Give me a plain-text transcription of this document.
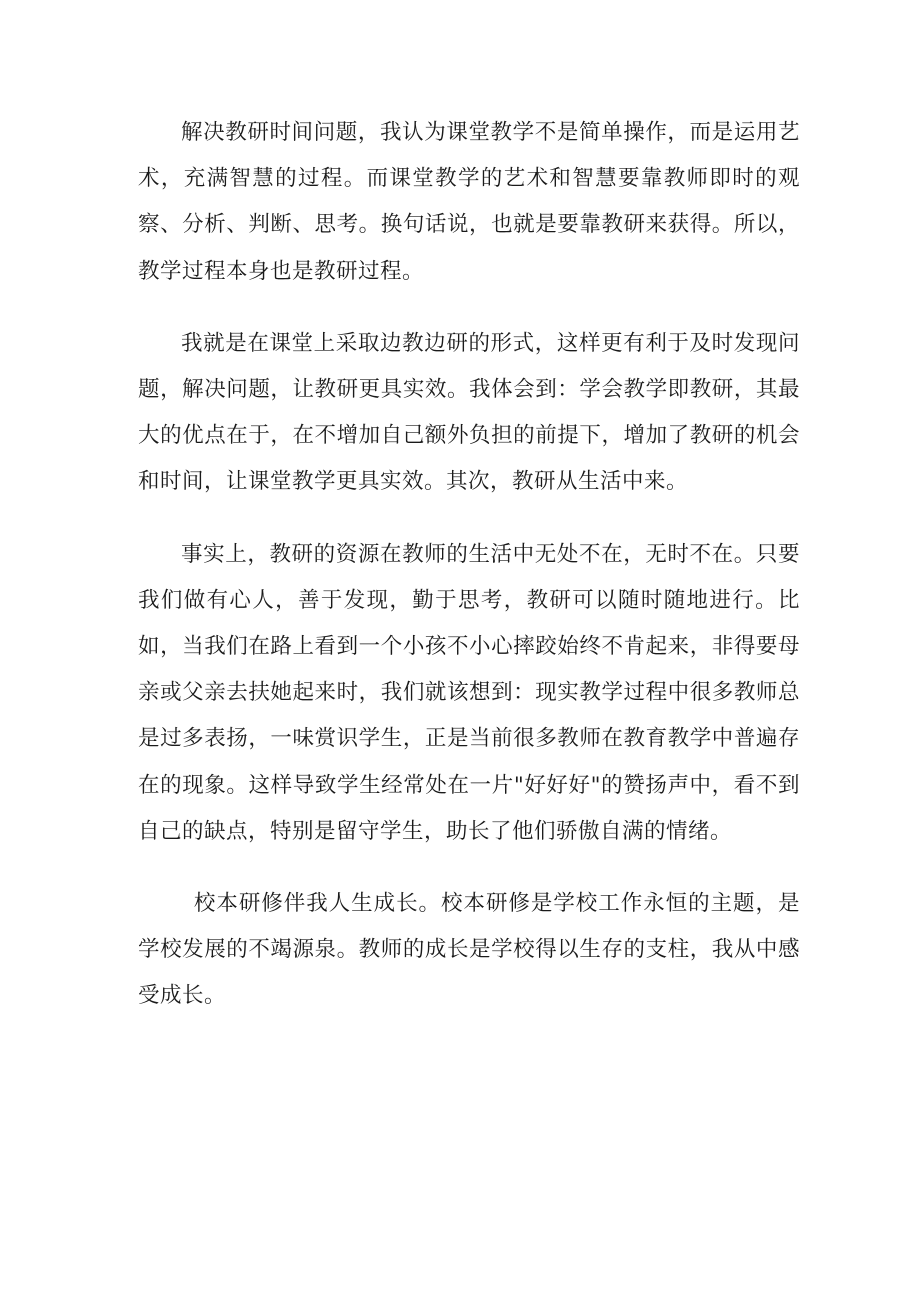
解决教研时间问题，我认为课堂教学不是简单操作，而是运用艺术，充满智慧的过程。而课堂教学的艺术和智慧要靠教师即时的观察、分析、判断、思考。换句话说，也就是要靠教研来获得。所以，教学过程本身也是教研过程。

我就是在课堂上采取边教边研的形式，这样更有利于及时发现问题，解决问题，让教研更具实效。我体会到：学会教学即教研，其最大的优点在于，在不增加自己额外负担的前提下，增加了教研的机会和时间，让课堂教学更具实效。其次，教研从生活中来。

事实上，教研的资源在教师的生活中无处不在，无时不在。只要我们做有心人，善于发现，勤于思考，教研可以随时随地进行。比如，当我们在路上看到一个小孩不小心摔跤始终不肯起来，非得要母亲或父亲去扶她起来时，我们就该想到：现实教学过程中很多教师总是过多表扬，一味赏识学生，正是当前很多教师在教育教学中普遍存在的现象。这样导致学生经常处在一片"好好好"的赞扬声中，看不到自己的缺点，特别是留守学生，助长了他们骄傲自满的情绪。

校本研修伴我人生成长。校本研修是学校工作永恒的主题，是学校发展的不竭源泉。教师的成长是学校得以生存的支柱，我从中感受成长。
